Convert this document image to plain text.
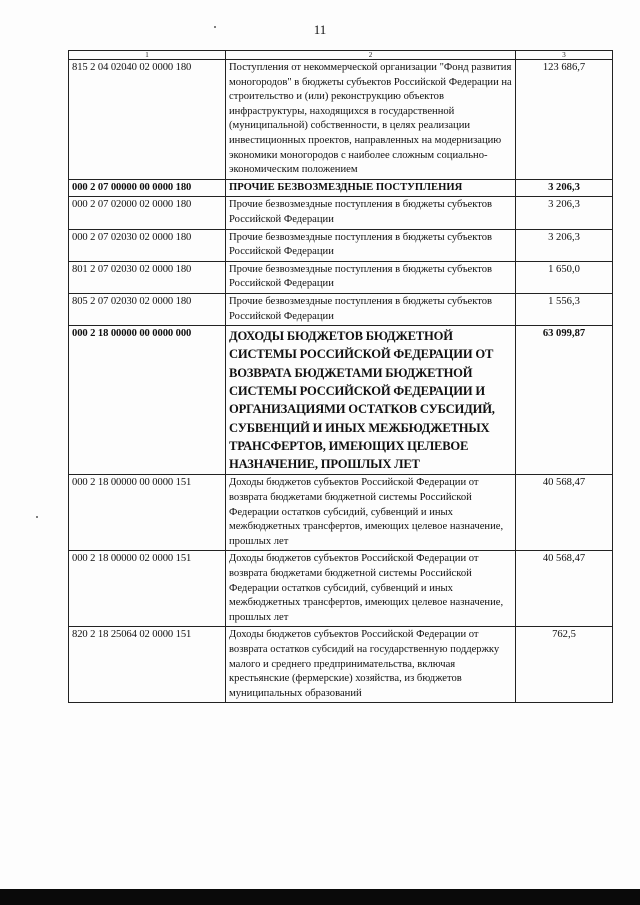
11
1	2	3
815 2 04 02040 02 0000 180	Поступления от некоммерческой организации "Фонд развития моногородов" в бюджеты субъектов Российской Федерации на строительство и (или) реконструкцию объектов инфраструктуры, находящихся в государственной (муниципальной) собственности, в целях реализации инвестиционных проектов, направленных на модернизацию экономики моногородов с наиболее сложным социально-экономическим положением	123 686,7
000 2 07 00000 00 0000 180	ПРОЧИЕ БЕЗВОЗМЕЗДНЫЕ ПОСТУПЛЕНИЯ	3 206,3
000 2 07 02000 02 0000 180	Прочие безвозмездные поступления в бюджеты субъектов Российской Федерации	3 206,3
000 2 07 02030 02 0000 180	Прочие безвозмездные поступления в бюджеты субъектов Российской Федерации	3 206,3
801 2 07 02030 02 0000 180	Прочие безвозмездные поступления в бюджеты субъектов Российской Федерации	1 650,0
805 2 07 02030 02 0000 180	Прочие безвозмездные поступления в бюджеты субъектов Российской Федерации	1 556,3
000 2 18 00000 00 0000 000	ДОХОДЫ БЮДЖЕТОВ БЮДЖЕТНОЙ СИСТЕМЫ РОССИЙСКОЙ ФЕДЕРАЦИИ ОТ ВОЗВРАТА БЮДЖЕТАМИ БЮДЖЕТНОЙ СИСТЕМЫ РОССИЙСКОЙ ФЕДЕРАЦИИ И ОРГАНИЗАЦИЯМИ ОСТАТКОВ СУБСИДИЙ, СУБВЕНЦИЙ И ИНЫХ МЕЖБЮДЖЕТНЫХ ТРАНСФЕРТОВ, ИМЕЮЩИХ ЦЕЛЕВОЕ НАЗНАЧЕНИЕ, ПРОШЛЫХ ЛЕТ	63 099,87
000 2 18 00000 00 0000 151	Доходы бюджетов субъектов Российской Федерации от возврата бюджетами бюджетной системы Российской Федерации остатков субсидий, субвенций и иных межбюджетных трансфертов, имеющих целевое назначение, прошлых лет	40 568,47
000 2 18 00000 02 0000 151	Доходы бюджетов субъектов Российской Федерации от возврата бюджетами бюджетной системы Российской Федерации остатков субсидий, субвенций и иных межбюджетных трансфертов, имеющих целевое назначение, прошлых лет	40 568,47
820 2 18 25064 02 0000 151	Доходы бюджетов субъектов Российской Федерации от возврата остатков субсидий на государственную поддержку малого и среднего предпринимательства, включая крестьянские (фермерские) хозяйства, из бюджетов муниципальных образований	762,5
